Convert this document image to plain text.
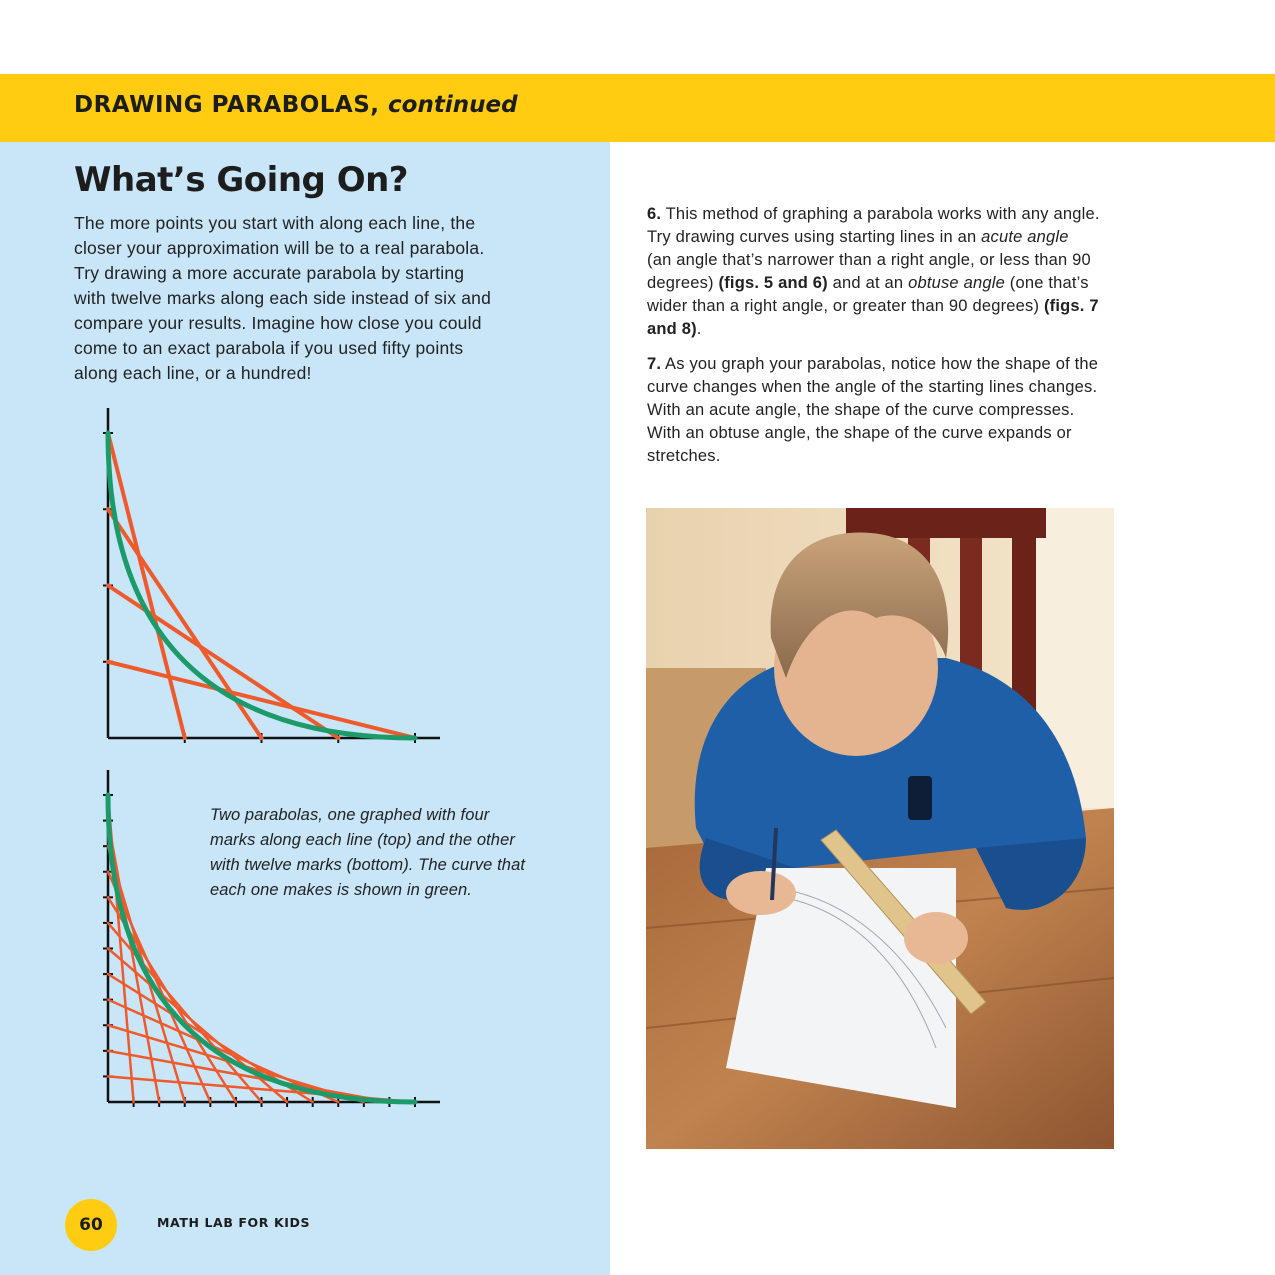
DRAWING PARABOLAS, continued
What’s Going On?

The more points you start with along each line, the
closer your approximation will be to a real parabola.
Try drawing a more accurate parabola by starting
with twelve marks along each side instead of six and
compare your results. Imagine how close you could
come to an exact parabola if you used fifty points
along each line, or a hundred!

Two parabolas, one graphed with four
marks along each line (top) and the other
with twelve marks (bottom). The curve that
each one makes is shown in green.

6. This method of graphing a parabola works with any angle.
Try drawing curves using starting lines in an acute angle
(an angle that’s narrower than a right angle, or less than 90
degrees) (figs. 5 and 6) and at an obtuse angle (one that’s
wider than a right angle, or greater than 90 degrees) (figs. 7
and 8).

7. As you graph your parabolas, notice how the shape of the
curve changes when the angle of the starting lines changes.
With an acute angle, the shape of the curve compresses.
With an obtuse angle, the shape of the curve expands or
stretches.

60	MATH LAB FOR KIDS
